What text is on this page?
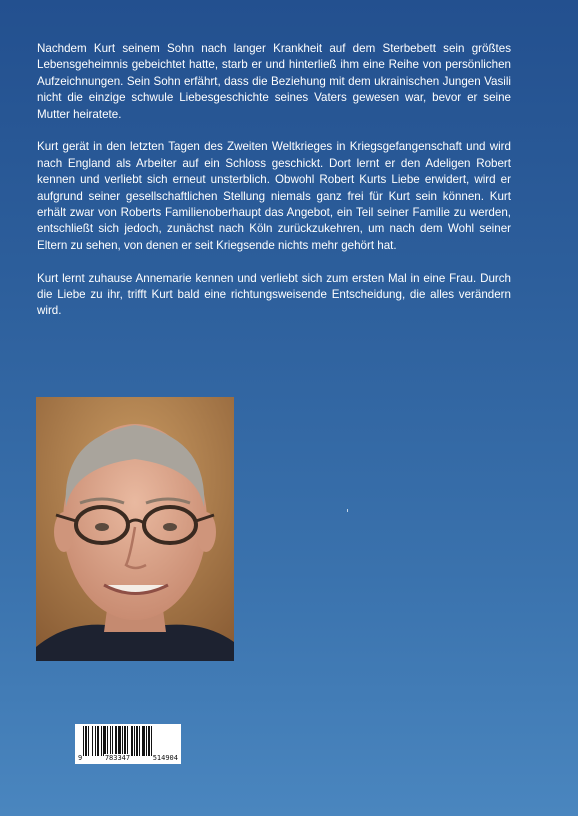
Nachdem Kurt seinem Sohn nach langer Krankheit auf dem Sterbebett sein größtes Lebensgeheimnis gebeichtet hatte, starb er und hinterließ ihm eine Reihe von persönlichen Aufzeichnungen. Sein Sohn erfährt, dass die Beziehung mit dem ukrainischen Jungen Vasili nicht die einzige schwule Liebesgeschichte seines Vaters gewesen war, bevor er seine Mutter heiratete.

Kurt gerät in den letzten Tagen des Zweiten Weltkrieges in Kriegsgefangenschaft und wird nach England als Arbeiter auf ein Schloss geschickt. Dort lernt er den Adeligen Robert kennen und verliebt sich erneut unsterblich. Obwohl Robert Kurts Liebe erwidert, wird er aufgrund seiner gesellschaftlichen Stellung niemals ganz frei für Kurt sein können. Kurt erhält zwar von Roberts Familienoberhaupt das Angebot, ein Teil seiner Familie zu werden, entschließt sich jedoch, zunächst nach Köln zurückzukehren, um nach dem Wohl seiner Eltern zu sehen, von denen er seit Kriegsende nichts mehr gehört hat.

Kurt lernt zuhause Annemarie kennen und verliebt sich zum ersten Mal in eine Frau. Durch die Liebe zu ihr, trifft Kurt bald eine richtungsweisende Entscheidung, die alles verändern wird.

9	783347	514904
